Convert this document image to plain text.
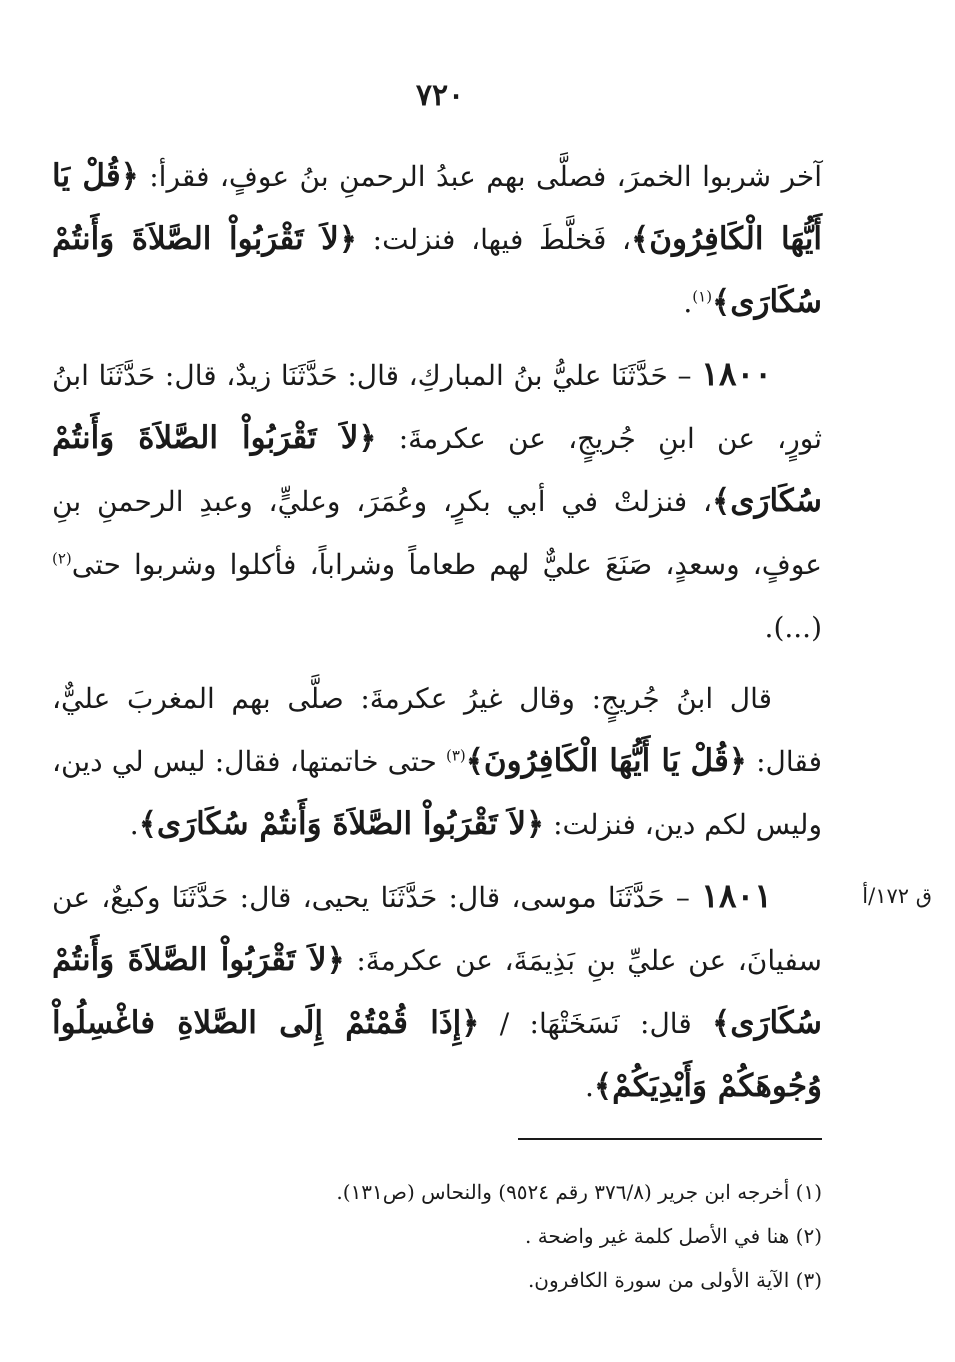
٧٢٠

آخر شربوا الخمرَ، فصلَّى بهم عبدُ الرحمنِ بنُ عوفٍ، فقرأ: ﴿قُلْ يَا أَيُّهَا الْكَافِرُونَ﴾، فَخلَّطَ فيها، فنزلت: ﴿لاَ تَقْرَبُواْ الصَّلاَةَ وَأَنتُمْ سُكَارَى﴾$^{(١)}$.

١٨٠٠ – حَدَّثَنَا عليُّ بنُ المباركِ، قال: حَدَّثَنَا زيدٌ، قال: حَدَّثَنَا ابنُ ثورٍ، عن ابنِ جُريجٍ، عن عكرمةَ: ﴿لاَ تَقْرَبُواْ الصَّلاَةَ وَأَنتُمْ سُكَارَى﴾، فنزلتْ في أبي بكرٍ، وعُمَرَ، وعليٍّ، وعبدِ الرحمنِ بنِ عوفٍ، وسعدٍ، صَنَعَ عليٌّ لهم طعاماً وشراباً، فأكلوا وشربوا حتى$^{(٢)}$ (...).

قال ابنُ جُريجٍ: وقال غيرُ عكرمةَ: صلَّى بهم المغربَ عليٌّ، فقال: ﴿قُلْ يَا أَيُّهَا الْكَافِرُونَ﴾$^{(٣)}$ حتى خاتمتها، فقال: ليس لي دين، وليس لكم دين، فنزلت: ﴿لاَ تَقْرَبُواْ الصَّلاَةَ وَأَنتُمْ سُكَارَى﴾.

١٨٠١ – حَدَّثَنَا موسى، قال: حَدَّثَنَا يحيى، قال: حَدَّثَنَا وكيعٌ، عن سفيانَ، عن عليِّ بنِ بَذِيمَةَ، عن عكرمةَ: ﴿لاَ تَقْرَبُواْ الصَّلاَةَ وَأَنتُمْ سُكَارَى﴾ قال: نَسَخَتْهَا: / ﴿إِذَا قُمْتُمْ إِلَى الصَّلاةِ فاغْسِلُواْ وُجُوهَكُمْ وَأَيْدِيَكُمْ﴾.

ق ١٧٢/أ
(١) أخرجه ابن جرير (٣٧٦/٨ رقم ٩٥٢٤) والنحاس (ص١٣١).
(٢) هنا في الأصل كلمة غير واضحة .
(٣) الآية الأولى من سورة الكافرون.
